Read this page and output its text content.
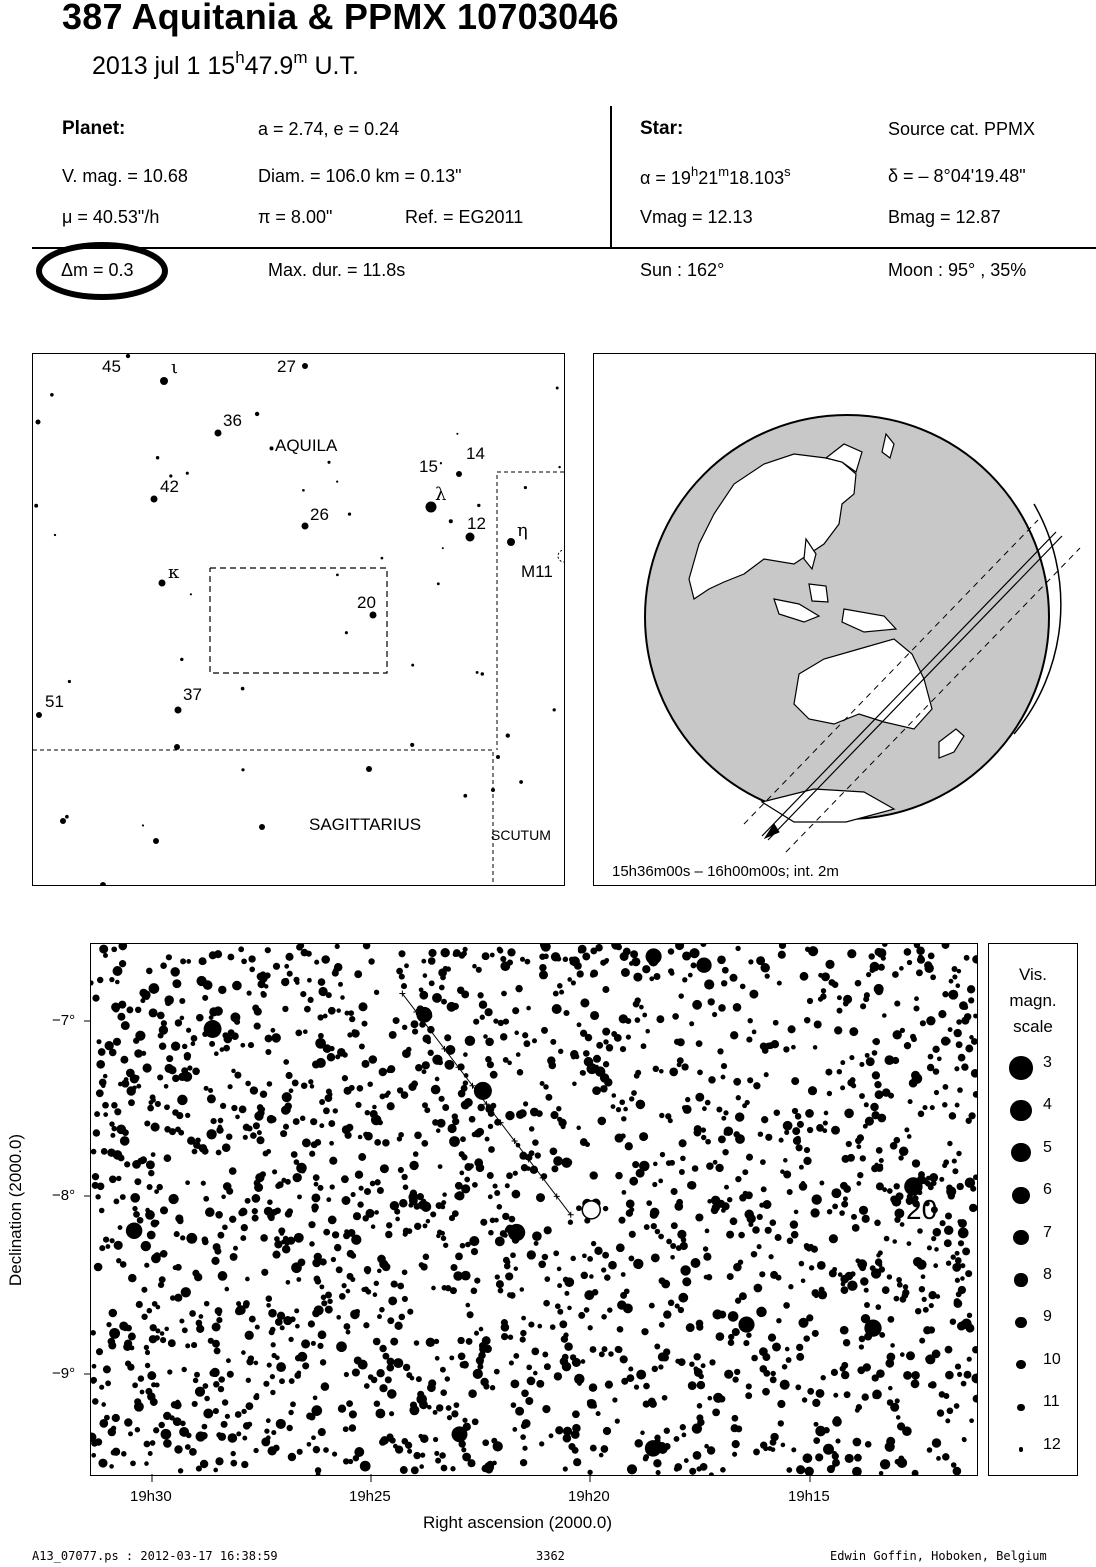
387 Aquitania & PPMX 10703046
2013 jul 1 15$^h$47.9$^m$ U.T.
Planet:	a = 2.74, e = 0.24
V. mag. = 10.68	Diam. = 106.0 km = 0.13"
μ = 40.53"/h	π = 8.00"	Ref. = EG2011
Star:	Source cat. PPMX
$\alpha = 19^h21^m18.103^s$	δ = – 8°04'19.48"
Vmag = 12.13	Bmag = 12.87
Δm = 0.3	Max. dur. = 11.8s	Sun : 162°	Moon : 95° , 35%
45	ι	27
36
AQUILA
15
14
42	λ
26	12 η
M11
κ
20
51	37
SAGITTARIUS
SCUTUM
15h36m00s – 16h00m00s; int. 2m
20
−7°
−8°
−9°
19h30	19h25	19h20	19h15
Right ascension (2000.0)
Declination (2000.0)
Vis.
magn.
scale
3
4
5
6
7
8
9
10
11
12
A13_07077.ps : 2012-03-17 16:38:59	3362	Edwin Goffin, Hoboken, Belgium
